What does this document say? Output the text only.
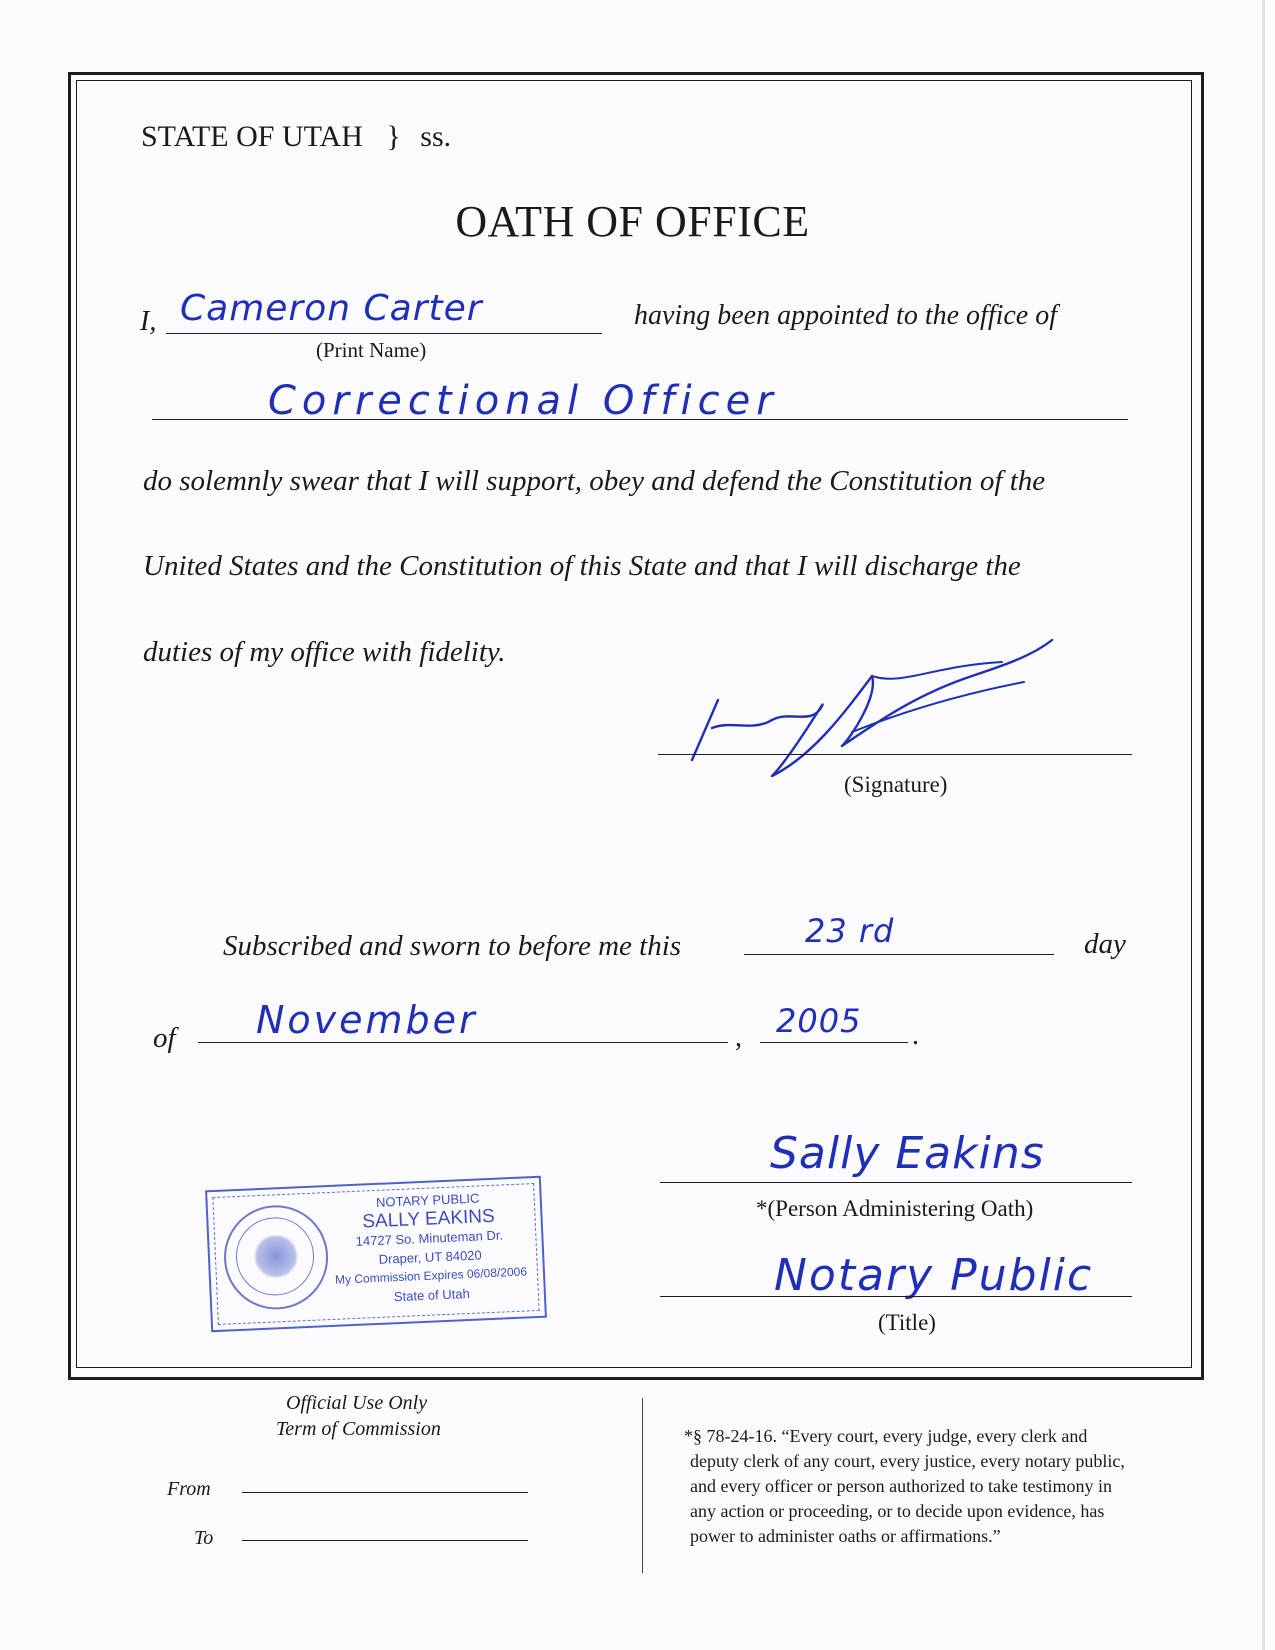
STATE OF UTAH } ss.
OATH OF OFFICE
I, Cameron Carter
(Print Name)
having been appointed to the office of
Correctional Officer
do solemnly swear that I will support, obey and defend the Constitution of the
United States and the Constitution of this State and that I will discharge the
duties of my office with fidelity.
(Signature)
Subscribed and sworn to before me this	23 rd	day
of November	, 2005 .
Sally Eakins
*(Person Administering Oath)
Notary Public
(Title)
NOTARY PUBLIC
SALLY EAKINS
14727 So. Minuteman Dr.
Draper, UT 84020
My Commission Expires 06/08/2006
State of Utah
Official Use Only
Term of Commission
From
To
*§ 78-24-16. “Every court, every judge, every clerk and
deputy clerk of any court, every justice, every notary public,
and every officer or person authorized to take testimony in
any action or proceeding, or to decide upon evidence, has
power to administer oaths or affirmations.”
